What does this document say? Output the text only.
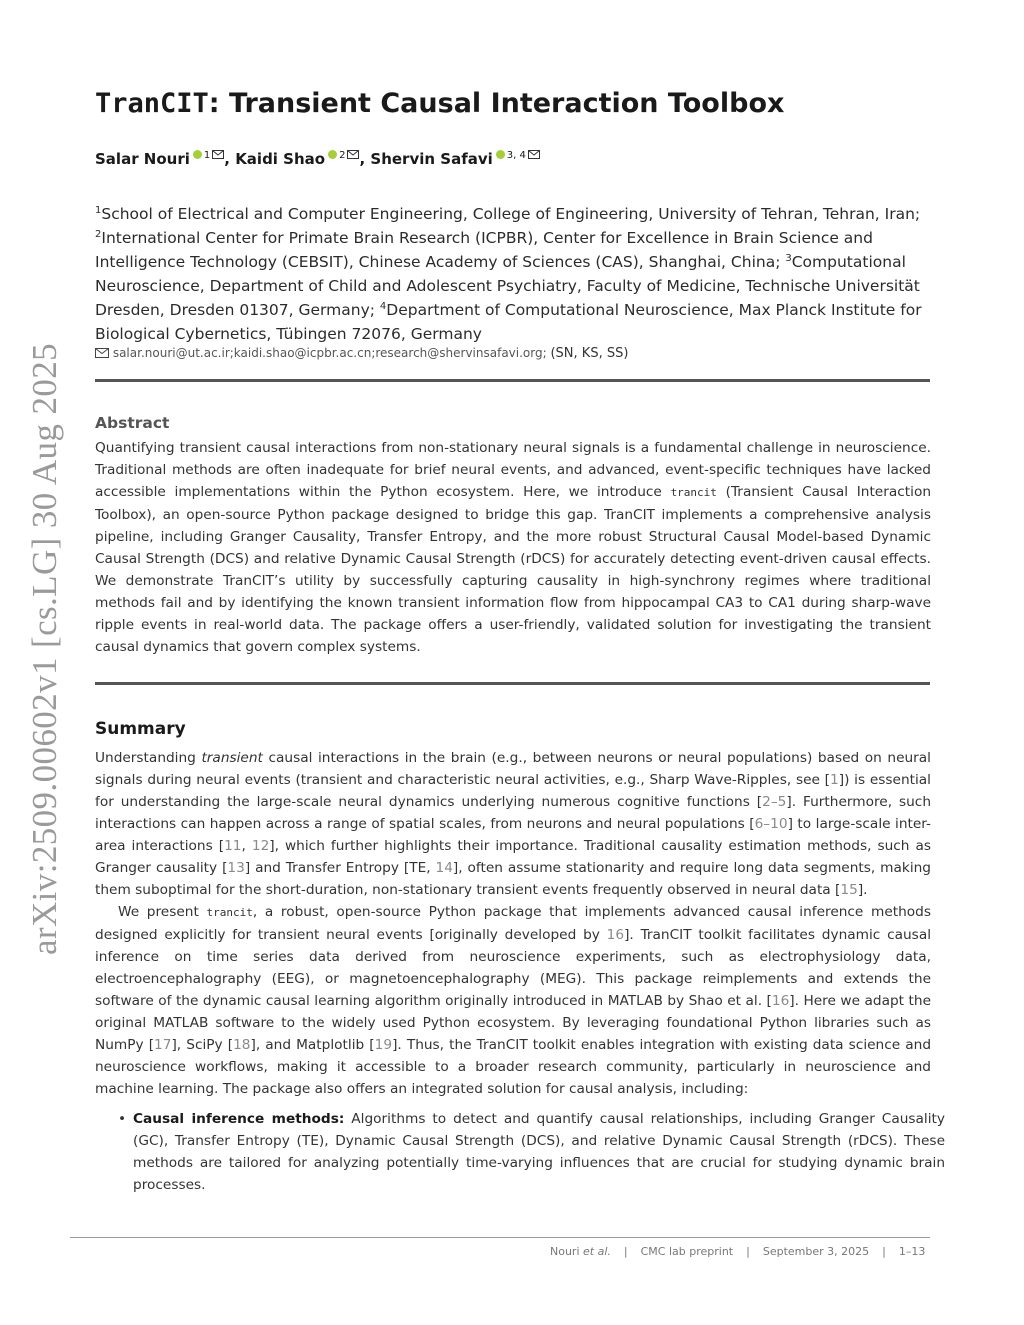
arXiv:2509.00602v1 [cs.LG] 30 Aug 2025
TranCIT: Transient Causal Interaction Toolbox
Salar Nouri $^1$ , Kaidi Shao $^2$ , Shervin Safavi $^{3, 4}$
$^1$School of Electrical and Computer Engineering, College of Engineering, University of Tehran, Tehran, Iran; $^2$International Center for Primate Brain Research (ICPBR), Center for Excellence in Brain Science and Intelligence Technology (CEBSIT), Chinese Academy of Sciences (CAS), Shanghai, China; $^3$Computational Neuroscience, Department of Child and Adolescent Psychiatry, Faculty of Medicine, Technische Universität Dresden, Dresden 01307, Germany; $^4$Department of Computational Neuroscience, Max Planck Institute for Biological Cybernetics, Tübingen 72076, Germany
salar.nouri@ut.ac.ir;kaidi.shao@icpbr.ac.cn;research@shervinsafavi.org; (SN, KS, SS)
Abstract

Quantifying transient causal interactions from non-stationary neural signals is a fundamental challenge in neuroscience. Traditional methods are often inadequate for brief neural events, and advanced, event-specific techniques have lacked accessible implementations within the Python ecosystem. Here, we introduce trancit (Transient Causal Interaction Toolbox), an open-source Python package designed to bridge this gap. TranCIT implements a comprehensive analysis pipeline, including Granger Causality, Transfer Entropy, and the more robust Structural Causal Model-based Dynamic Causal Strength (DCS) and relative Dynamic Causal Strength (rDCS) for accurately detecting event-driven causal effects. We demonstrate TranCIT’s utility by successfully capturing causality in high-synchrony regimes where traditional methods fail and by identifying the known transient information flow from hippocampal CA3 to CA1 during sharp-wave ripple events in real-world data. The package offers a user-friendly, validated solution for investigating the transient causal dynamics that govern complex systems.

Summary

Understanding transient causal interactions in the brain (e.g., between neurons or neural populations) based on neural signals during neural events (transient and characteristic neural activities, e.g., Sharp Wave-Ripples, see [1]) is essential for understanding the large-scale neural dynamics underlying numerous cognitive functions [2–5]. Furthermore, such interactions can happen across a range of spatial scales, from neurons and neural populations [6–10] to large-scale inter-area interactions [11, 12], which further highlights their importance. Traditional causality estimation methods, such as Granger causality [13] and Transfer Entropy [TE, 14], often assume stationarity and require long data segments, making them suboptimal for the short-duration, non-stationary transient events frequently observed in neural data [15].

We present trancit, a robust, open-source Python package that implements advanced causal inference methods designed explicitly for transient neural events [originally developed by 16]. TranCIT toolkit facilitates dynamic causal inference on time series data derived from neuroscience experiments, such as electrophysiology data, electroencephalography (EEG), or magnetoencephalography (MEG). This package reimplements and extends the software of the dynamic causal learning algorithm originally introduced in MATLAB by Shao et al. [16]. Here we adapt the original MATLAB software to the widely used Python ecosystem. By leveraging foundational Python libraries such as NumPy [17], SciPy [18], and Matplotlib [19]. Thus, the TranCIT toolkit enables integration with existing data science and neuroscience workflows, making it accessible to a broader research community, particularly in neuroscience and machine learning. The package also offers an integrated solution for causal analysis, including:

• Causal inference methods: Algorithms to detect and quantify causal relationships, including Granger Causality (GC), Transfer Entropy (TE), Dynamic Causal Strength (DCS), and relative Dynamic Causal Strength (rDCS). These methods are tailored for analyzing potentially time-varying influences that are crucial for studying dynamic brain processes.
Nouri et al. | CMC lab preprint | September 3, 2025 | 1–13
